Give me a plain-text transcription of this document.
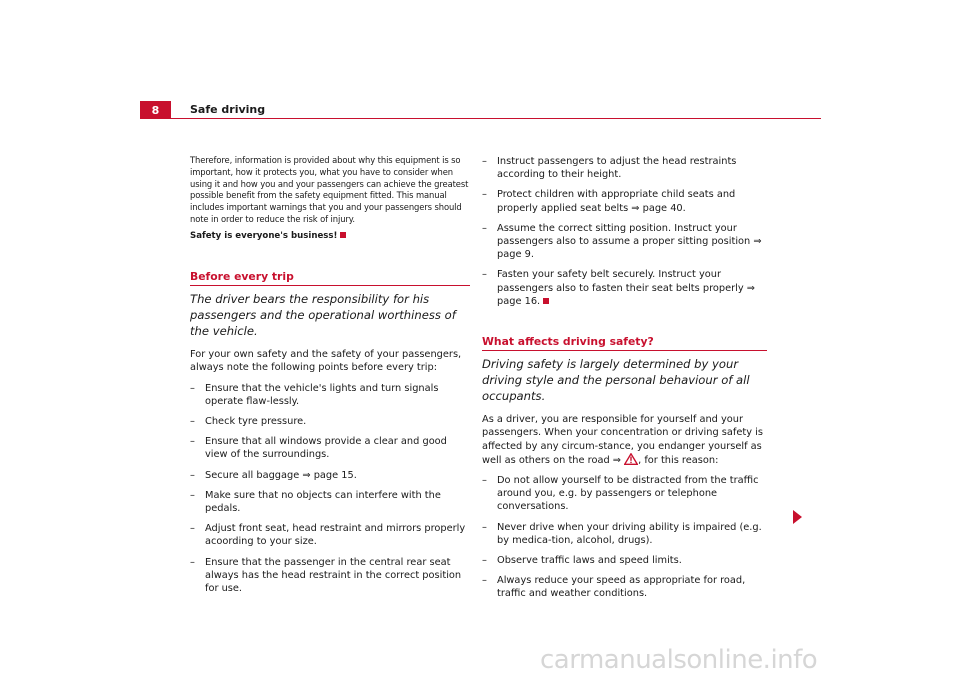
8	Safe driving

Therefore, information is provided about why this equipment is so important, how it protects you, what you have to consider when using it and how you and your passengers can achieve the greatest possible benefit from the safety equipment fitted. This manual includes important warnings that you and your passengers should note in order to reduce the risk of injury.

Safety is everyone's business!

Before every trip
The driver bears the responsibility for his passengers and the operational worthiness of the vehicle.

For your own safety and the safety of your passengers, always note the following points before every trip:

– Ensure that the vehicle's lights and turn signals operate flaw-lessly.
– Check tyre pressure.
– Ensure that all windows provide a clear and good view of the surroundings.
– Secure all baggage ⇒ page 15.
– Make sure that no objects can interfere with the pedals.
– Adjust front seat, head restraint and mirrors properly acoording to your size.
– Ensure that the passenger in the central rear seat always has the head restraint in the correct position for use.
– Instruct passengers to adjust the head restraints according to their height.
– Protect children with appropriate child seats and properly applied seat belts ⇒ page 40.
– Assume the correct sitting position. Instruct your passengers also to assume a proper sitting position ⇒ page 9.
– Fasten your safety belt securely. Instruct your passengers also to fasten their seat belts properly ⇒ page 16.
What affects driving safety?
Driving safety is largely determined by your driving style and the personal behaviour of all occupants.

As a driver, you are responsible for yourself and your passengers. When your concentration or driving safety is affected by any circum-stance, you endanger yourself as well as others on the road ⇒ , for this reason:

– Do not allow yourself to be distracted from the traffic around you, e.g. by passengers or telephone conversations.
– Never drive when your driving ability is impaired (e.g. by medica-tion, alcohol, drugs).
– Observe traffic laws and speed limits.
– Always reduce your speed as appropriate for road, traffic and weather conditions.
carmanualsonline.info
